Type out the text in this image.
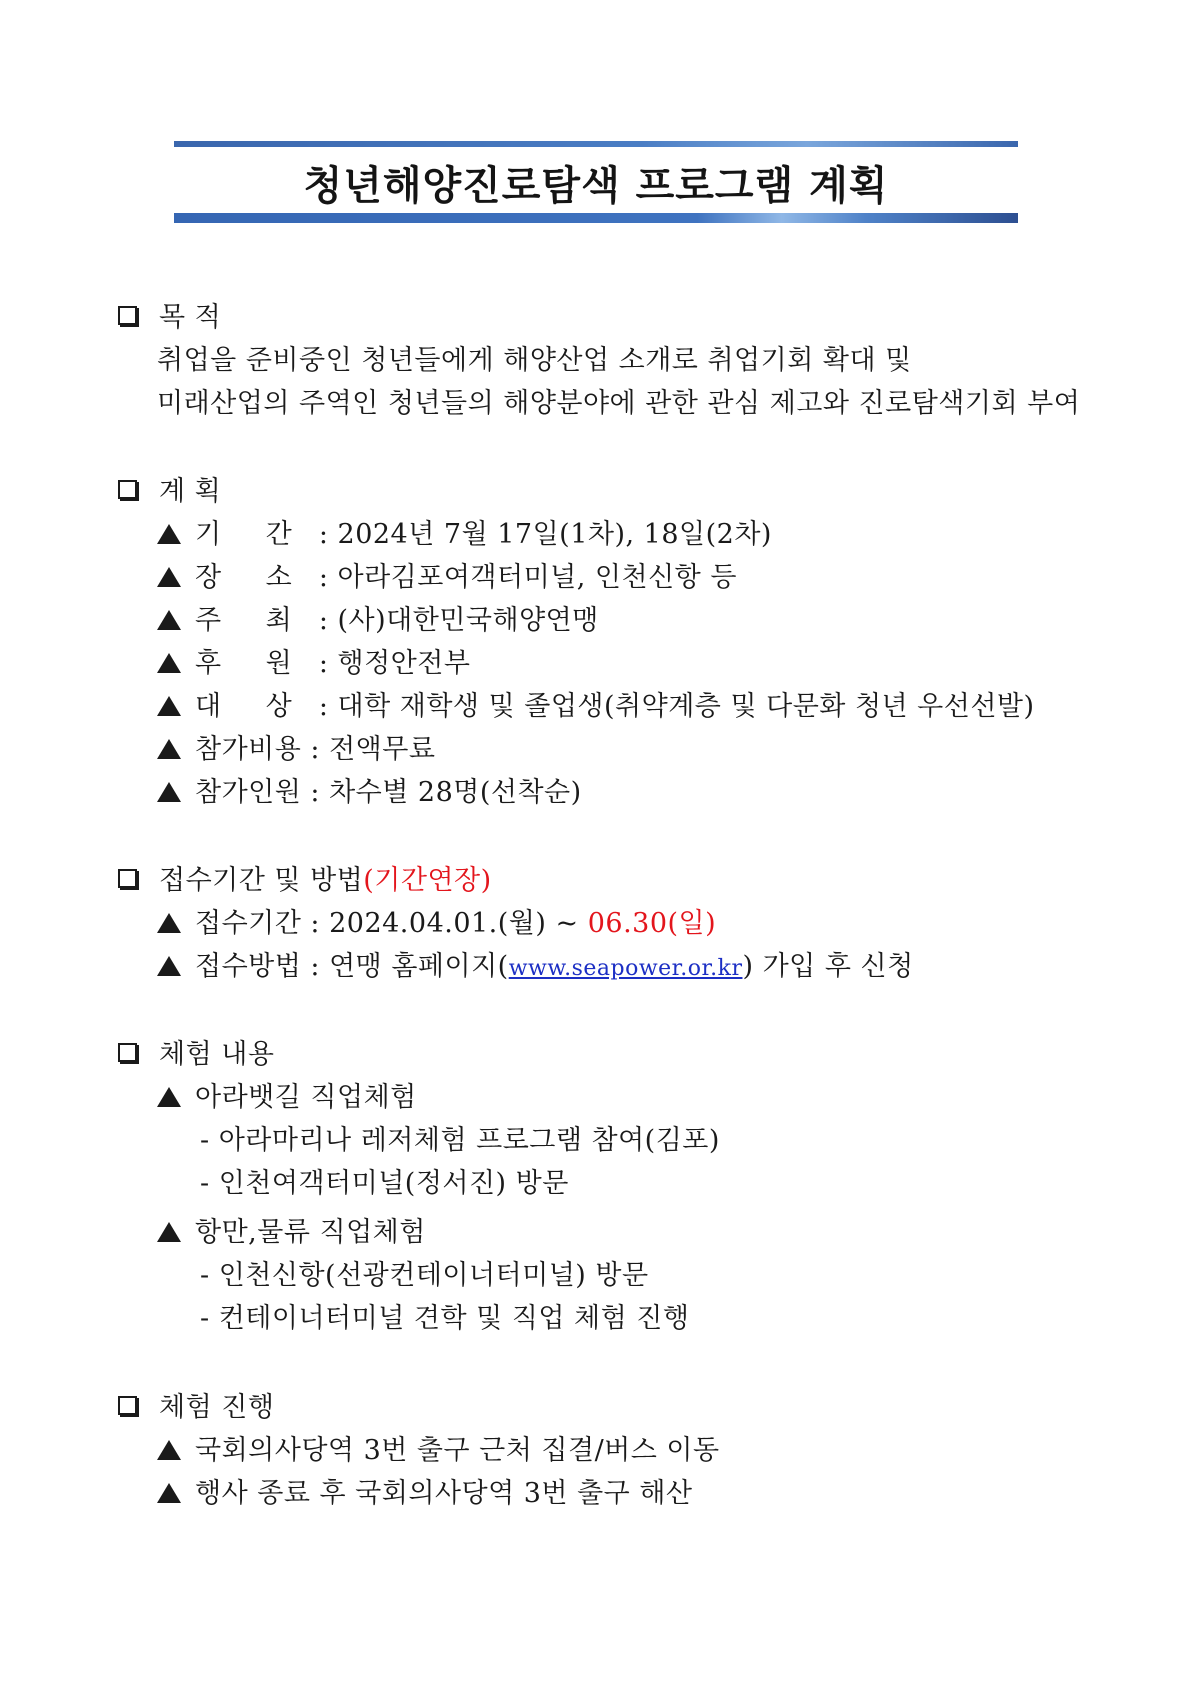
청년해양진로탐색 프로그램 계획
목 적
취업을 준비중인 청년들에게 해양산업 소개로 취업기회 확대 및
미래산업의 주역인 청년들의 해양분야에 관한 관심 제고와 진로탐색기회 부여
계 획
기 간 : 2024년 7월 17일(1차), 18일(2차)
장 소 : 아라김포여객터미널, 인천신항 등
주 최 : (사)대한민국해양연맹
후 원 : 행정안전부
대 상 : 대학 재학생 및 졸업생(취약계층 및 다문화 청년 우선선발)
참가비용 : 전액무료
참가인원 : 차수별 28명(선착순)
접수기간 및 방법(기간연장)
접수기간 : 2024.04.01.(월) ~ 06.30(일)
접수방법 : 연맹 홈페이지(www.seapower.or.kr) 가입 후 신청
체험 내용
아라뱃길 직업체험
- 아라마리나 레저체험 프로그램 참여(김포)
- 인천여객터미널(정서진) 방문
항만,물류 직업체험
- 인천신항(선광컨테이너터미널) 방문
- 컨테이너터미널 견학 및 직업 체험 진행
체험 진행
국회의사당역 3번 출구 근처 집결/버스 이동
행사 종료 후 국회의사당역 3번 출구 해산
